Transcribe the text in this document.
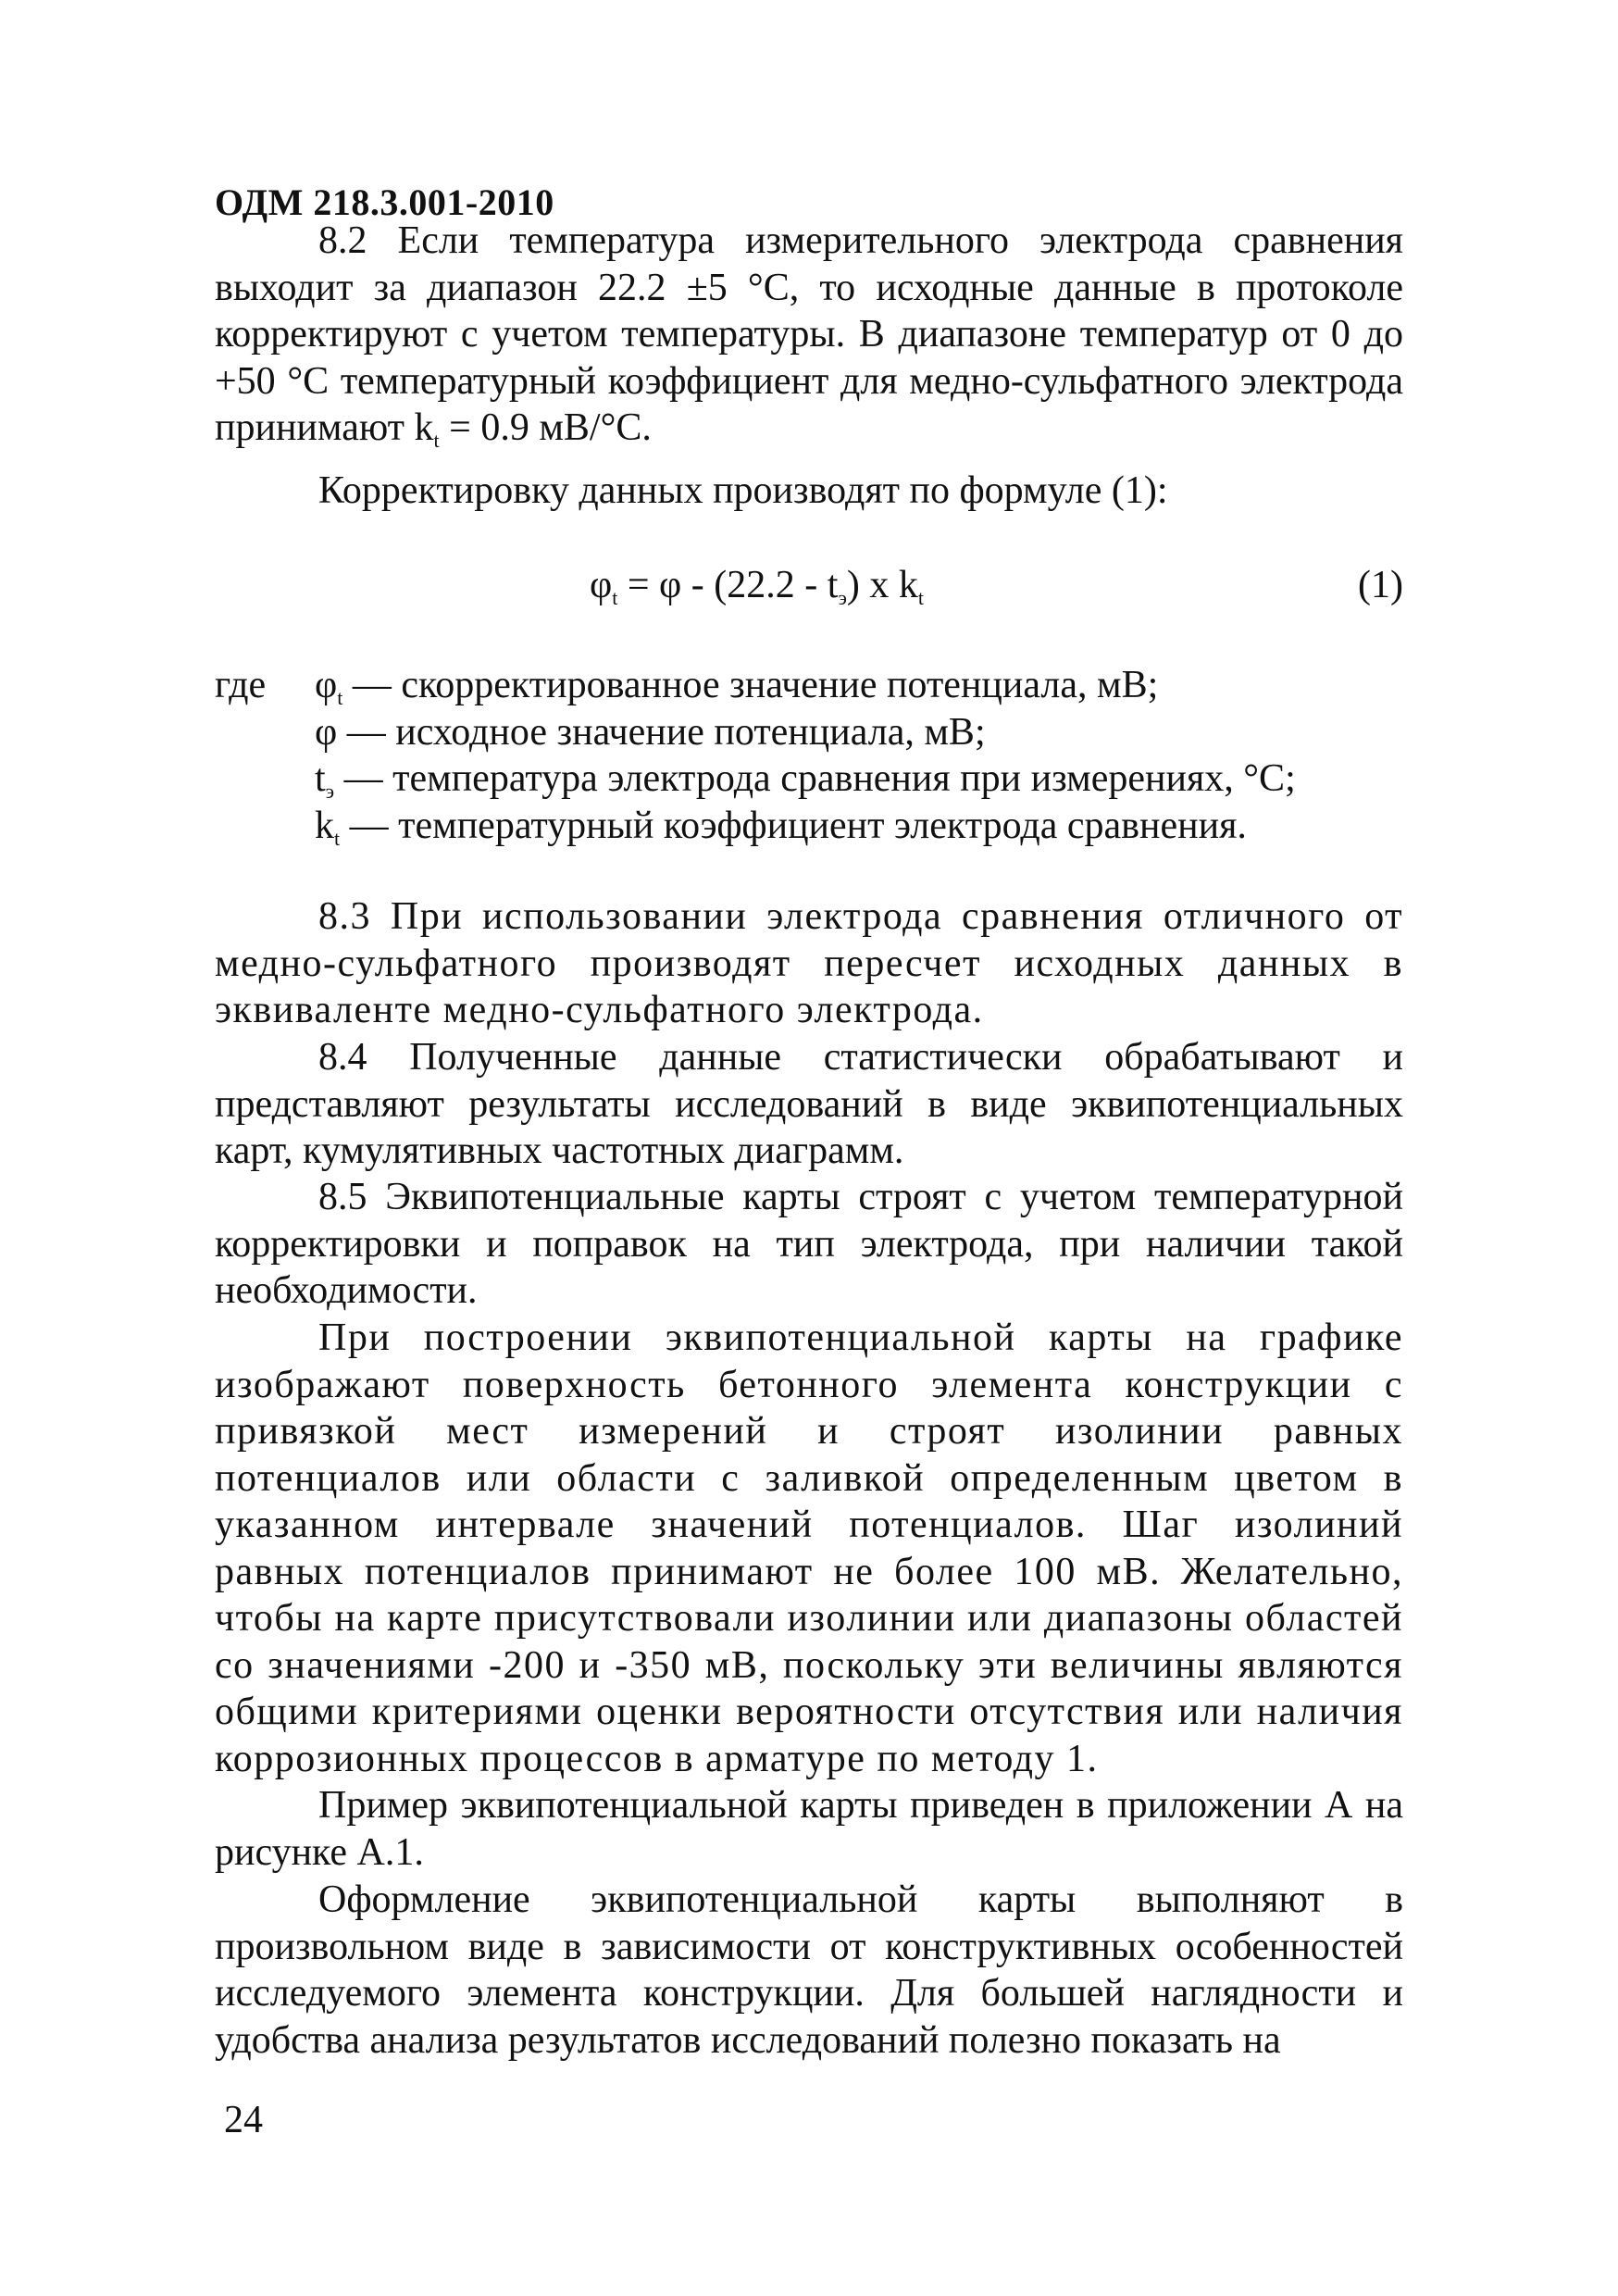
ОДМ 218.3.001-2010

8.2 Если температура измерительного электрода сравнения выходит за диапазон 22.2 ±5 °С, то исходные данные в протоколе корректируют с учетом температуры. В диапазоне температур от 0 до +50 °С температурный коэффициент для медно-сульфатного электрода принимают $k_t = 0.9$ мВ/°С.

Корректировку данных производят по формуле (1):

$\varphi_t = \varphi - (22.2 - t_э)$ x $k_t$	(1)
где $\varphi_t$ — скорректированное значение потенциала, мВ;
φ — исходное значение потенциала, мВ;
$t_э$ — температура электрода сравнения при измерениях, °С;
$k_t$ — температурный коэффициент электрода сравнения.

8.3 При использовании электрода сравнения отличного от медно-сульфатного производят пересчет исходных данных в эквиваленте медно-сульфатного электрода.

8.4 Полученные данные статистически обрабатывают и представляют результаты исследований в виде эквипотенциальных карт, кумулятивных частотных диаграмм.

8.5 Эквипотенциальные карты строят с учетом температурной корректировки и поправок на тип электрода, при наличии такой необходимости.

При построении эквипотенциальной карты на графике изображают поверхность бетонного элемента конструкции с привязкой мест измерений и строят изолинии равных потенциалов или области с заливкой определенным цветом в указанном интервале значений потенциалов. Шаг изолиний равных потенциалов принимают не более 100 мВ. Желательно, чтобы на карте присутствовали изолинии или диапазоны областей со значениями -200 и -350 мВ, поскольку эти величины являются общими критериями оценки вероятности отсутствия или наличия коррозионных процессов в арматуре по методу 1.

Пример эквипотенциальной карты приведен в приложении А на рисунке А.1.

Оформление эквипотенциальной карты выполняют в произвольном виде в зависимости от конструктивных особенностей исследуемого элемента конструкции. Для большей наглядности и удобства анализа результатов исследований полезно показать на

24
